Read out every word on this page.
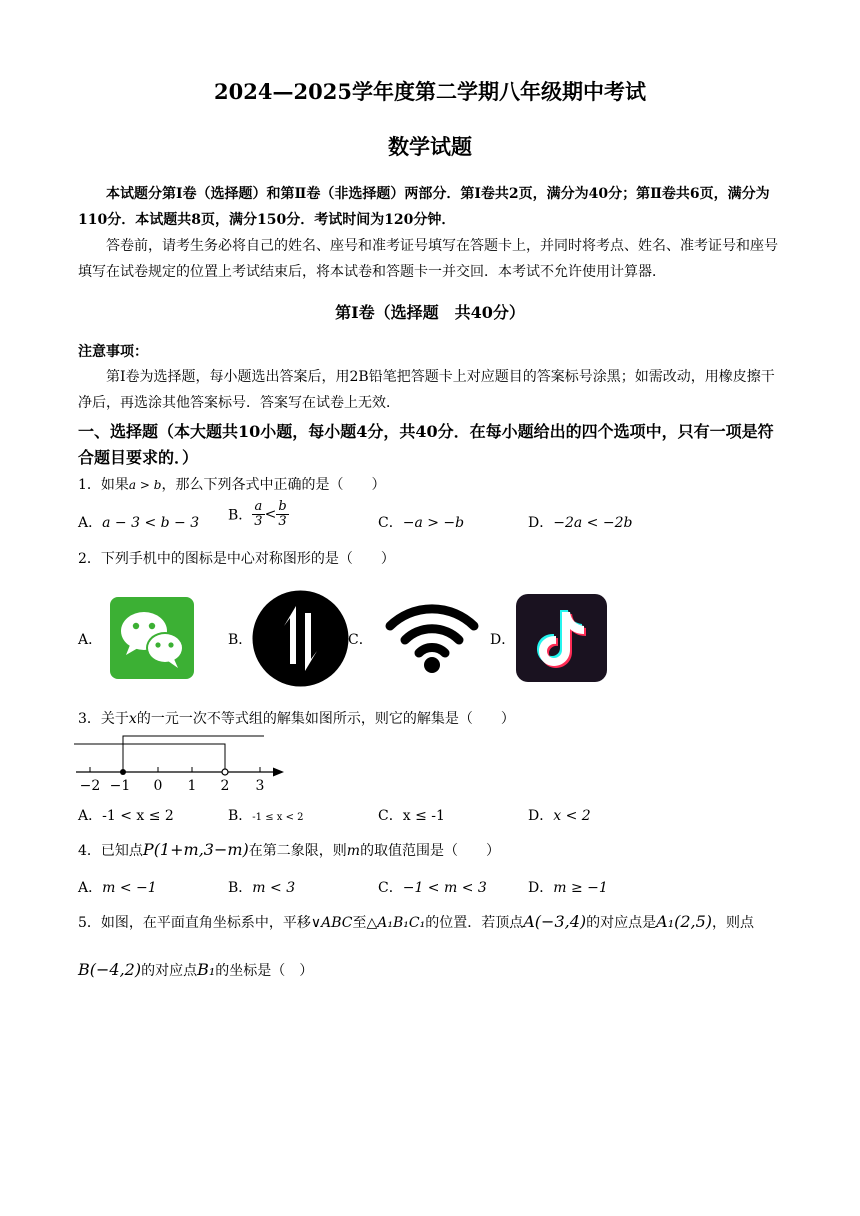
2024—2025学年度第二学期八年级期中考试
数学试题
本试题分第Ⅰ卷（选择题）和第Ⅱ卷（非选择题）两部分．第Ⅰ卷共2页，满分为40分；第Ⅱ卷共6页，满分为110分．本试题共8页，满分150分．考试时间为120分钟．
答卷前，请考生务必将自己的姓名、座号和准考证号填写在答题卡上，并同时将考点、姓名、准考证号和座号填写在试卷规定的位置上考试结束后，将本试卷和答题卡一并交回．本考试不允许使用计算器．
第Ⅰ卷（选择题　共40分）
注意事项：
第Ⅰ卷为选择题，每小题选出答案后，用2B铅笔把答题卡上对应题目的答案标号涂黑；如需改动，用橡皮擦干净后，再选涂其他答案标号．答案写在试卷上无效．
一、选择题（本大题共10小题，每小题4分，共40分．在每小题给出的四个选项中，只有一项是符合题目要求的．）
1．如果a > b，那么下列各式中正确的是（　　）
A．a − 3 < b − 3 B． $\frac{a}{3} < \frac{b}{3}$	C．−a > −b	D．−2a < −2b
2．下列手机中的图标是中心对称图形的是（　　）
A．	B．	C．	D．
3．关于x的一元一次不等式组的解集如图所示，则它的解集是（　　）
−2 −1 0 1 2 3
A．-1 < x ≤ 2	B．-1 ≤ x < 2	C．x ≤ -1	D．x < 2
4．已知点P(1+m,3−m)在第二象限，则m的取值范围是（　　）
A．m < −1	B．m < 3	C．−1 < m < 3	D．m ≥ −1
5．如图，在平面直角坐标系中，平移∨ABC至△A₁B₁C₁的位置．若顶点A(−3,4)的对应点是A₁(2,5)，则点
B(−4,2)的对应点B₁的坐标是（　）
